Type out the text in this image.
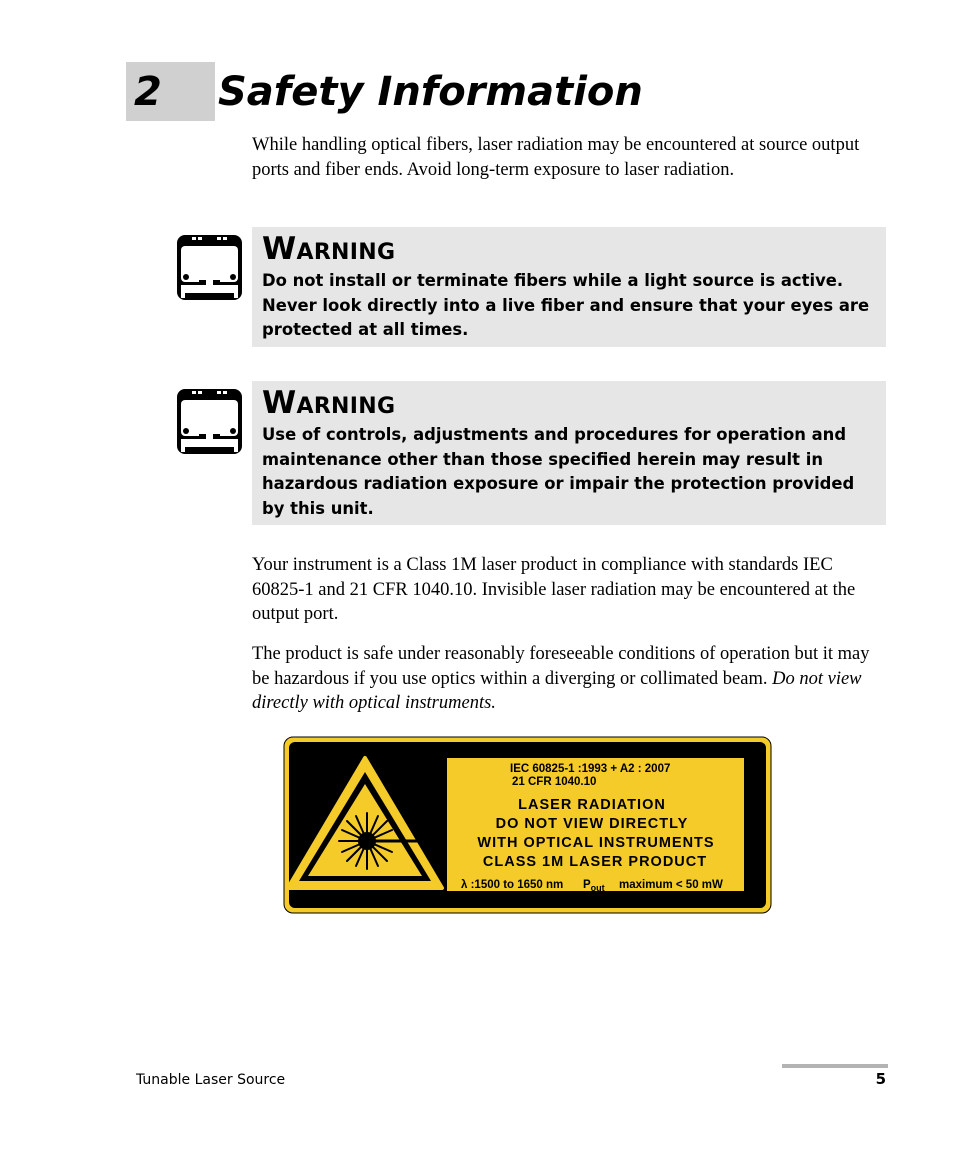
2 Safety Information

While handling optical fibers, laser radiation may be encountered at source output ports and fiber ends. Avoid long-term exposure to laser radiation.

Warning

Do not install or terminate fibers while a light source is active. Never look directly into a live fiber and ensure that your eyes are protected at all times.

Warning

Use of controls, adjustments and procedures for operation and maintenance other than those specified herein may result in hazardous radiation exposure or impair the protection provided by this unit.

Your instrument is a Class 1M laser product in compliance with standards IEC 60825-1 and 21 CFR 1040.10. Invisible laser radiation may be encountered at the output port.

The product is safe under reasonably foreseeable conditions of operation but it may be hazardous if you use optics within a diverging or collimated beam. Do not view directly with optical instruments.

IEC 60825-1 :1993 + A2 : 2007
21 CFR 1040.10
LASER RADIATION
DO NOT VIEW DIRECTLY
WITH OPTICAL INSTRUMENTS
CLASS 1M LASER PRODUCT
λ :1500 to 1650 nm $P_{out}$ maximum < 50 mW
Tunable Laser Source	5
